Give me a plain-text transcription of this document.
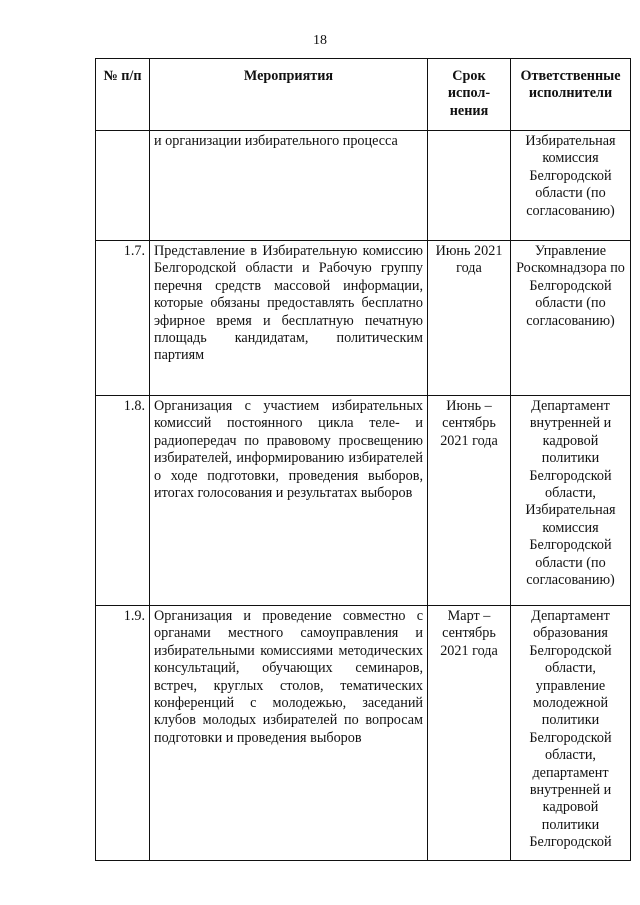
18
№ п/п	Мероприятия	Срок испол-нения	Ответственные исполнители
	и организации избирательного процесса		Избирательная комиссия Белгородской области (по согласованию)
1.7.	Представление в Избирательную комиссию Белгородской области и Рабочую группу перечня средств массовой информации, которые обязаны предоставлять бесплатно эфирное время и бесплатную печатную площадь кандидатам, политическим партиям	Июнь 2021 года	Управление Роскомнадзора по Белгородской области (по согласованию)
1.8.	Организация с участием избирательных комиссий постоянного цикла теле- и радиопередач по правовому просвещению избирателей, информированию избирателей о ходе подготовки, проведения выборов, итогах голосования и результатах выборов	Июнь – сентябрь 2021 года	Департамент внутренней и кадровой политики Белгородской области, Избирательная комиссия Белгородской области (по согласованию)
1.9.	Организация и проведение совместно с органами местного самоуправления и избирательными комиссиями методических консультаций, обучающих семинаров, встреч, круглых столов, тематических конференций с молодежью, заседаний клубов молодых избирателей по вопросам подготовки и проведения выборов	Март – сентябрь 2021 года	Департамент образования Белгородской области, управление молодежной политики Белгородской области, департамент внутренней и кадровой политики Белгородской
